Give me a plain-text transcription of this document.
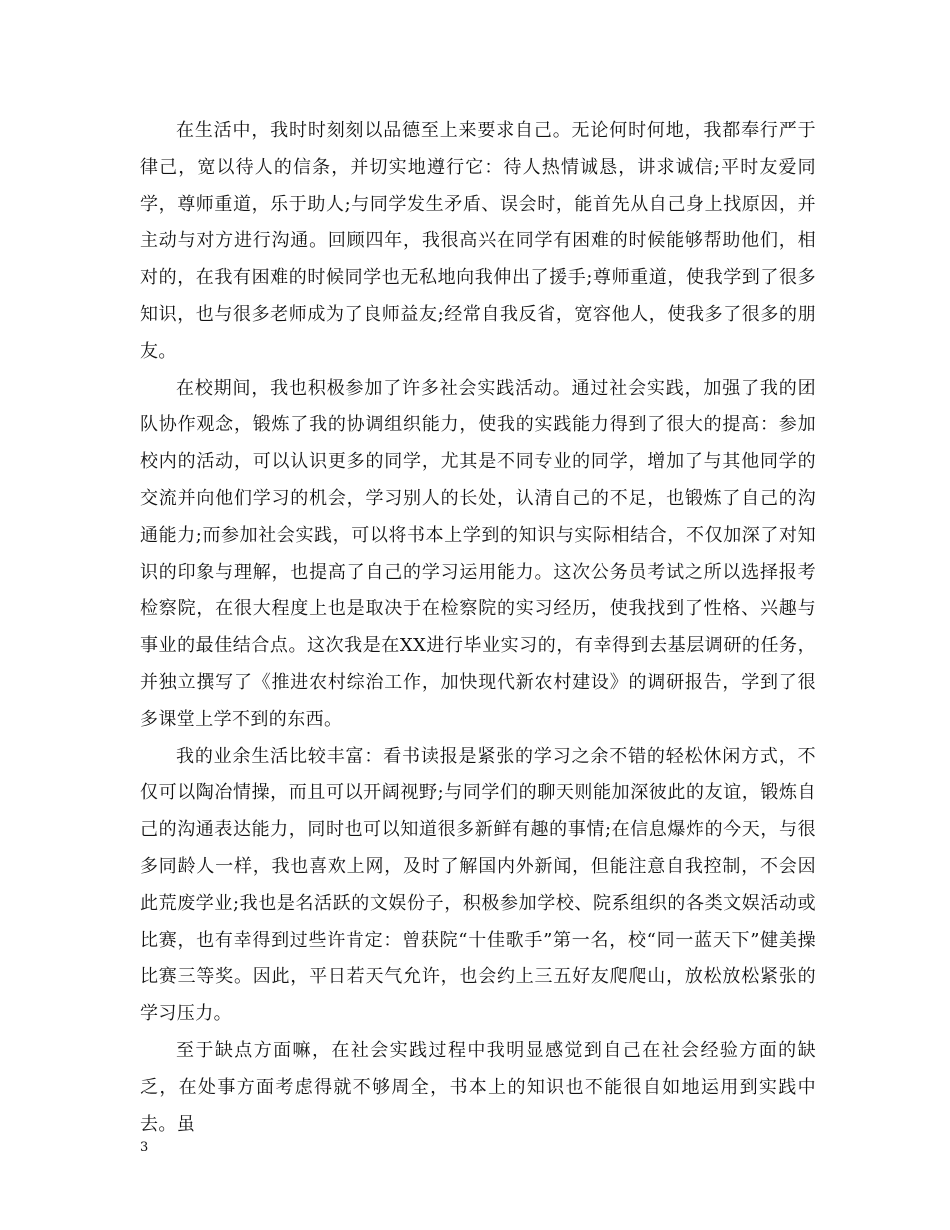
在生活中，我时时刻刻以品德至上来要求自己。无论何时何地，我都奉行严于律己，宽以待人的信条，并切实地遵行它：待人热情诚恳，讲求诚信;平时友爱同学，尊师重道，乐于助人;与同学发生矛盾、误会时，能首先从自己身上找原因，并主动与对方进行沟通。回顾四年，我很高兴在同学有困难的时候能够帮助他们，相对的，在我有困难的时候同学也无私地向我伸出了援手;尊师重道，使我学到了很多知识，也与很多老师成为了良师益友;经常自我反省，宽容他人，使我多了很多的朋友。

在校期间，我也积极参加了许多社会实践活动。通过社会实践，加强了我的团队协作观念，锻炼了我的协调组织能力，使我的实践能力得到了很大的提高：参加校内的活动，可以认识更多的同学，尤其是不同专业的同学，增加了与其他同学的交流并向他们学习的机会，学习别人的长处，认清自己的不足，也锻炼了自己的沟通能力;而参加社会实践，可以将书本上学到的知识与实际相结合，不仅加深了对知识的印象与理解，也提高了自己的学习运用能力。这次公务员考试之所以选择报考检察院，在很大程度上也是取决于在检察院的实习经历，使我找到了性格、兴趣与事业的最佳结合点。这次我是在XX进行毕业实习的，有幸得到去基层调研的任务，并独立撰写了《推进农村综治工作，加快现代新农村建设》的调研报告，学到了很多课堂上学不到的东西。

我的业余生活比较丰富：看书读报是紧张的学习之余不错的轻松休闲方式，不仅可以陶冶情操，而且可以开阔视野;与同学们的聊天则能加深彼此的友谊，锻炼自己的沟通表达能力，同时也可以知道很多新鲜有趣的事情;在信息爆炸的今天，与很多同龄人一样，我也喜欢上网，及时了解国内外新闻，但能注意自我控制，不会因此荒废学业;我也是名活跃的文娱份子，积极参加学校、院系组织的各类文娱活动或比赛，也有幸得到过些许肯定：曾获院“十佳歌手”第一名，校“同一蓝天下”健美操比赛三等奖。因此，平日若天气允许，也会约上三五好友爬爬山，放松放松紧张的学习压力。

至于缺点方面嘛，在社会实践过程中我明显感觉到自己在社会经验方面的缺乏，在处事方面考虑得就不够周全，书本上的知识也不能很自如地运用到实践中去。虽

3
